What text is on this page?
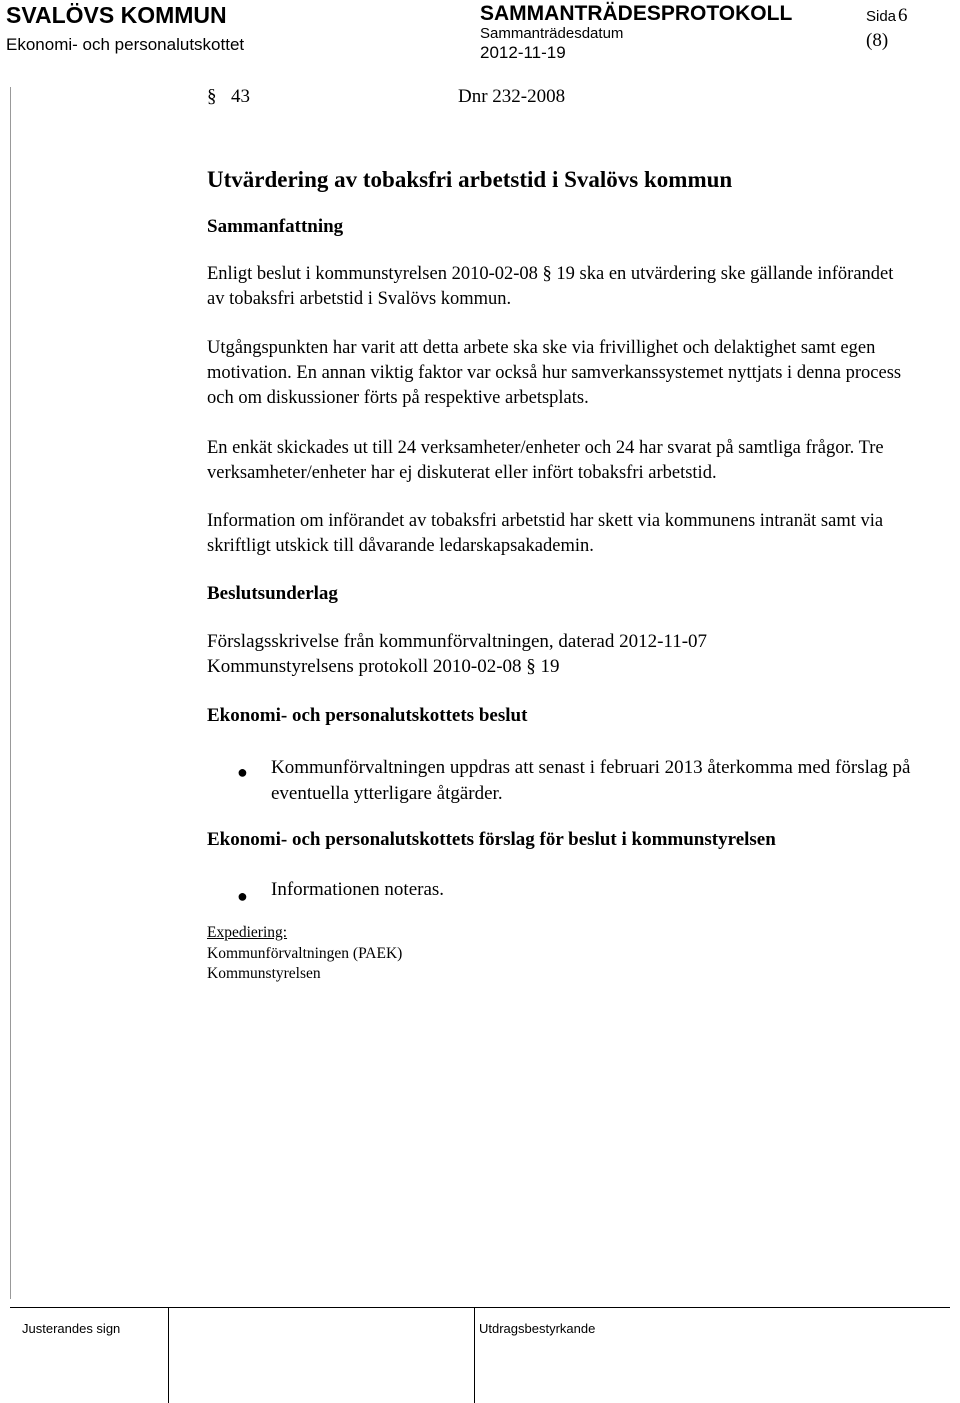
SVALÖVS KOMMUN
Ekonomi- och personalutskottet
SAMMANTRÄDESPROTOKOLL
Sammanträdesdatum
2012-11-19
Sida 6
(8)
§ 43	Dnr 232-2008
Utvärdering av tobaksfri arbetstid i Svalövs kommun
Sammanfattning
Enligt beslut i kommunstyrelsen 2010-02-08 § 19 ska en utvärdering ske gällande införandet av tobaksfri arbetstid i Svalövs kommun.
Utgångspunkten har varit att detta arbete ska ske via frivillighet och delaktighet samt egen motivation. En annan viktig faktor var också hur samverkanssystemet nyttjats i denna process och om diskussioner förts på respektive arbetsplats.
En enkät skickades ut till 24 verksamheter/enheter och 24 har svarat på samtliga frågor. Tre verksamheter/enheter har ej diskuterat eller infört tobaksfri arbetstid.
Information om införandet av tobaksfri arbetstid har skett via kommunens intranät samt via skriftligt utskick till dåvarande ledarskapsakademin.
Beslutsunderlag
Förslagsskrivelse från kommunförvaltningen, daterad 2012-11-07
Kommunstyrelsens protokoll 2010-02-08 § 19
Ekonomi- och personalutskottets beslut
● Kommunförvaltningen uppdras att senast i februari 2013 återkomma med förslag på eventuella ytterligare åtgärder.
Ekonomi- och personalutskottets förslag för beslut i kommunstyrelsen
● Informationen noteras.
Expediering:
Kommunförvaltningen (PAEK)
Kommunstyrelsen
Justerandes sign	Utdragsbestyrkande
